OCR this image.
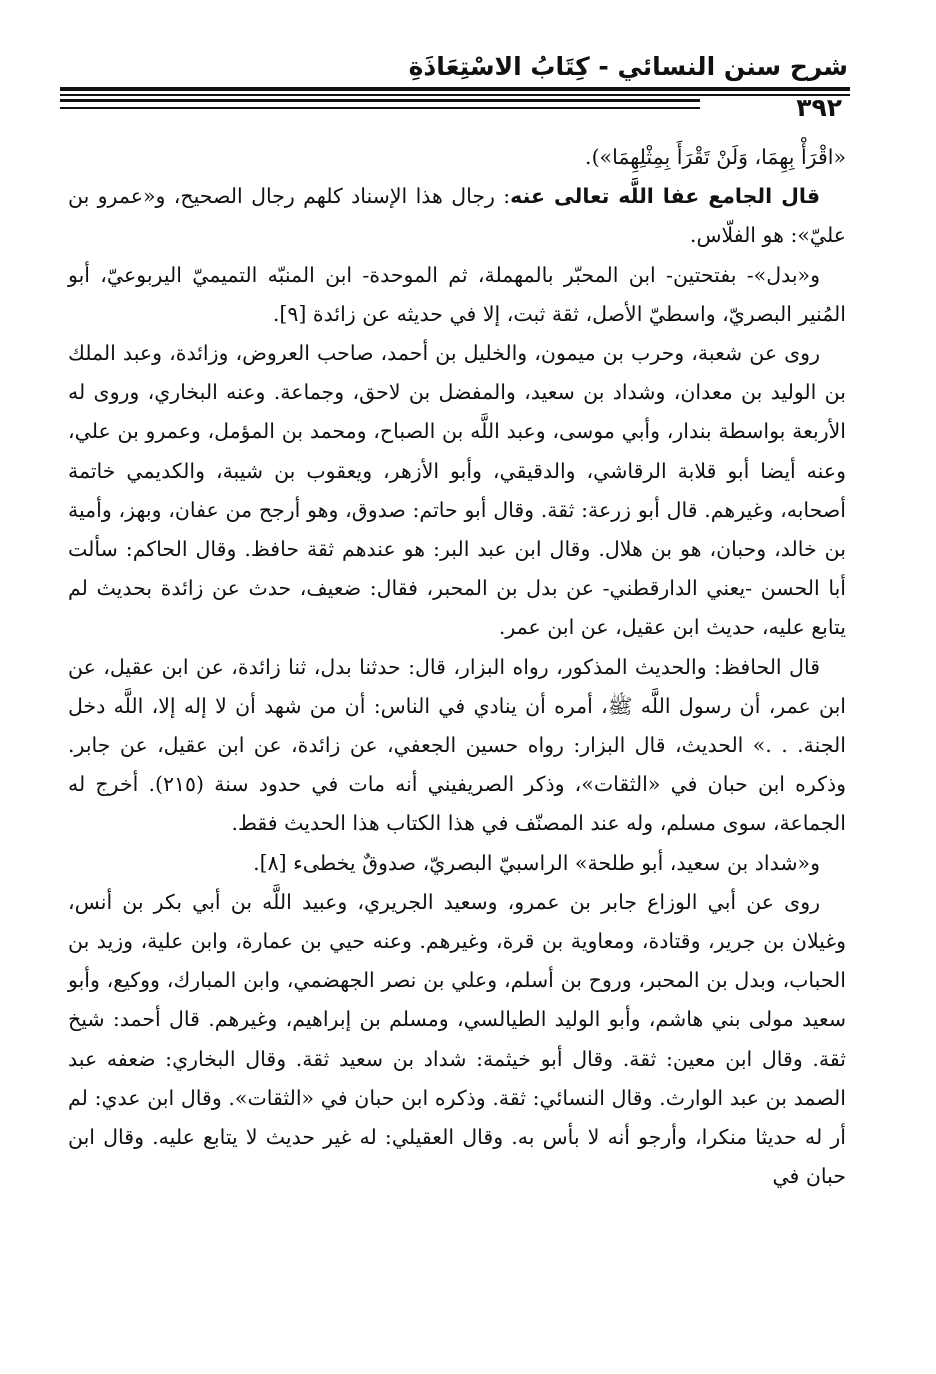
شرح سنن النسائي - كِتَابُ الاسْتِعَاذَةِ
٣٩٢

«اقْرَأْ بِهِمَا، وَلَنْ تَقْرَأَ بِمِثْلِهِمَا»).

قال الجامع عفا اللَّه تعالى عنه: رجال هذا الإسناد كلهم رجال الصحيح، و«عمرو بن عليّ»: هو الفلّاس.

و«بدل»- بفتحتين- ابن المحبّر بالمهملة، ثم الموحدة- ابن المنبّه التميميّ اليربوعيّ، أبو المُنير البصريّ، واسطيّ الأصل، ثقة ثبت، إلا في حديثه عن زائدة [٩].

روى عن شعبة، وحرب بن ميمون، والخليل بن أحمد، صاحب العروض، وزائدة، وعبد الملك بن الوليد بن معدان، وشداد بن سعيد، والمفضل بن لاحق، وجماعة. وعنه البخاري، وروى له الأربعة بواسطة بندار، وأبي موسى، وعبد اللَّه بن الصباح، ومحمد بن المؤمل، وعمرو بن علي، وعنه أيضا أبو قلابة الرقاشي، والدقيقي، وأبو الأزهر، ويعقوب بن شيبة، والكديمي خاتمة أصحابه، وغيرهم. قال أبو زرعة: ثقة. وقال أبو حاتم: صدوق، وهو أرجح من عفان، وبهز، وأمية بن خالد، وحبان، هو بن هلال. وقال ابن عبد البر: هو عندهم ثقة حافظ. وقال الحاكم: سألت أبا الحسن -يعني الدارقطني- عن بدل بن المحبر، فقال: ضعيف، حدث عن زائدة بحديث لم يتابع عليه، حديث ابن عقيل، عن ابن عمر.

قال الحافظ: والحديث المذكور، رواه البزار، قال: حدثنا بدل، ثنا زائدة، عن ابن عقيل، عن ابن عمر، أن رسول اللَّه ﷺ، أمره أن ينادي في الناس: أن من شهد أن لا إله إلا، اللَّه دخل الجنة. . .» الحديث، قال البزار: رواه حسين الجعفي، عن زائدة، عن ابن عقيل، عن جابر. وذكره ابن حبان في «الثقات»، وذكر الصريفيني أنه مات في حدود سنة (٢١٥). أخرج له الجماعة، سوى مسلم، وله عند المصنّف في هذا الكتاب هذا الحديث فقط.

و«شداد بن سعيد، أبو طلحة» الراسبيّ البصريّ، صدوقٌ يخطىء [٨].

روى عن أبي الوزاع جابر بن عمرو، وسعيد الجريري، وعبيد اللَّه بن أبي بكر بن أنس، وغيلان بن جرير، وقتادة، ومعاوية بن قرة، وغيرهم. وعنه حيي بن عمارة، وابن علية، وزيد بن الحباب، وبدل بن المحبر، وروح بن أسلم، وعلي بن نصر الجهضمي، وابن المبارك، ووكيع، وأبو سعيد مولى بني هاشم، وأبو الوليد الطيالسي، ومسلم بن إبراهيم، وغيرهم. قال أحمد: شيخ ثقة. وقال ابن معين: ثقة. وقال أبو خيثمة: شداد بن سعيد ثقة. وقال البخاري: ضعفه عبد الصمد بن عبد الوارث. وقال النسائي: ثقة. وذكره ابن حبان في «الثقات». وقال ابن عدي: لم أر له حديثا منكرا، وأرجو أنه لا بأس به. وقال العقيلي: له غير حديث لا يتابع عليه. وقال ابن حبان في
